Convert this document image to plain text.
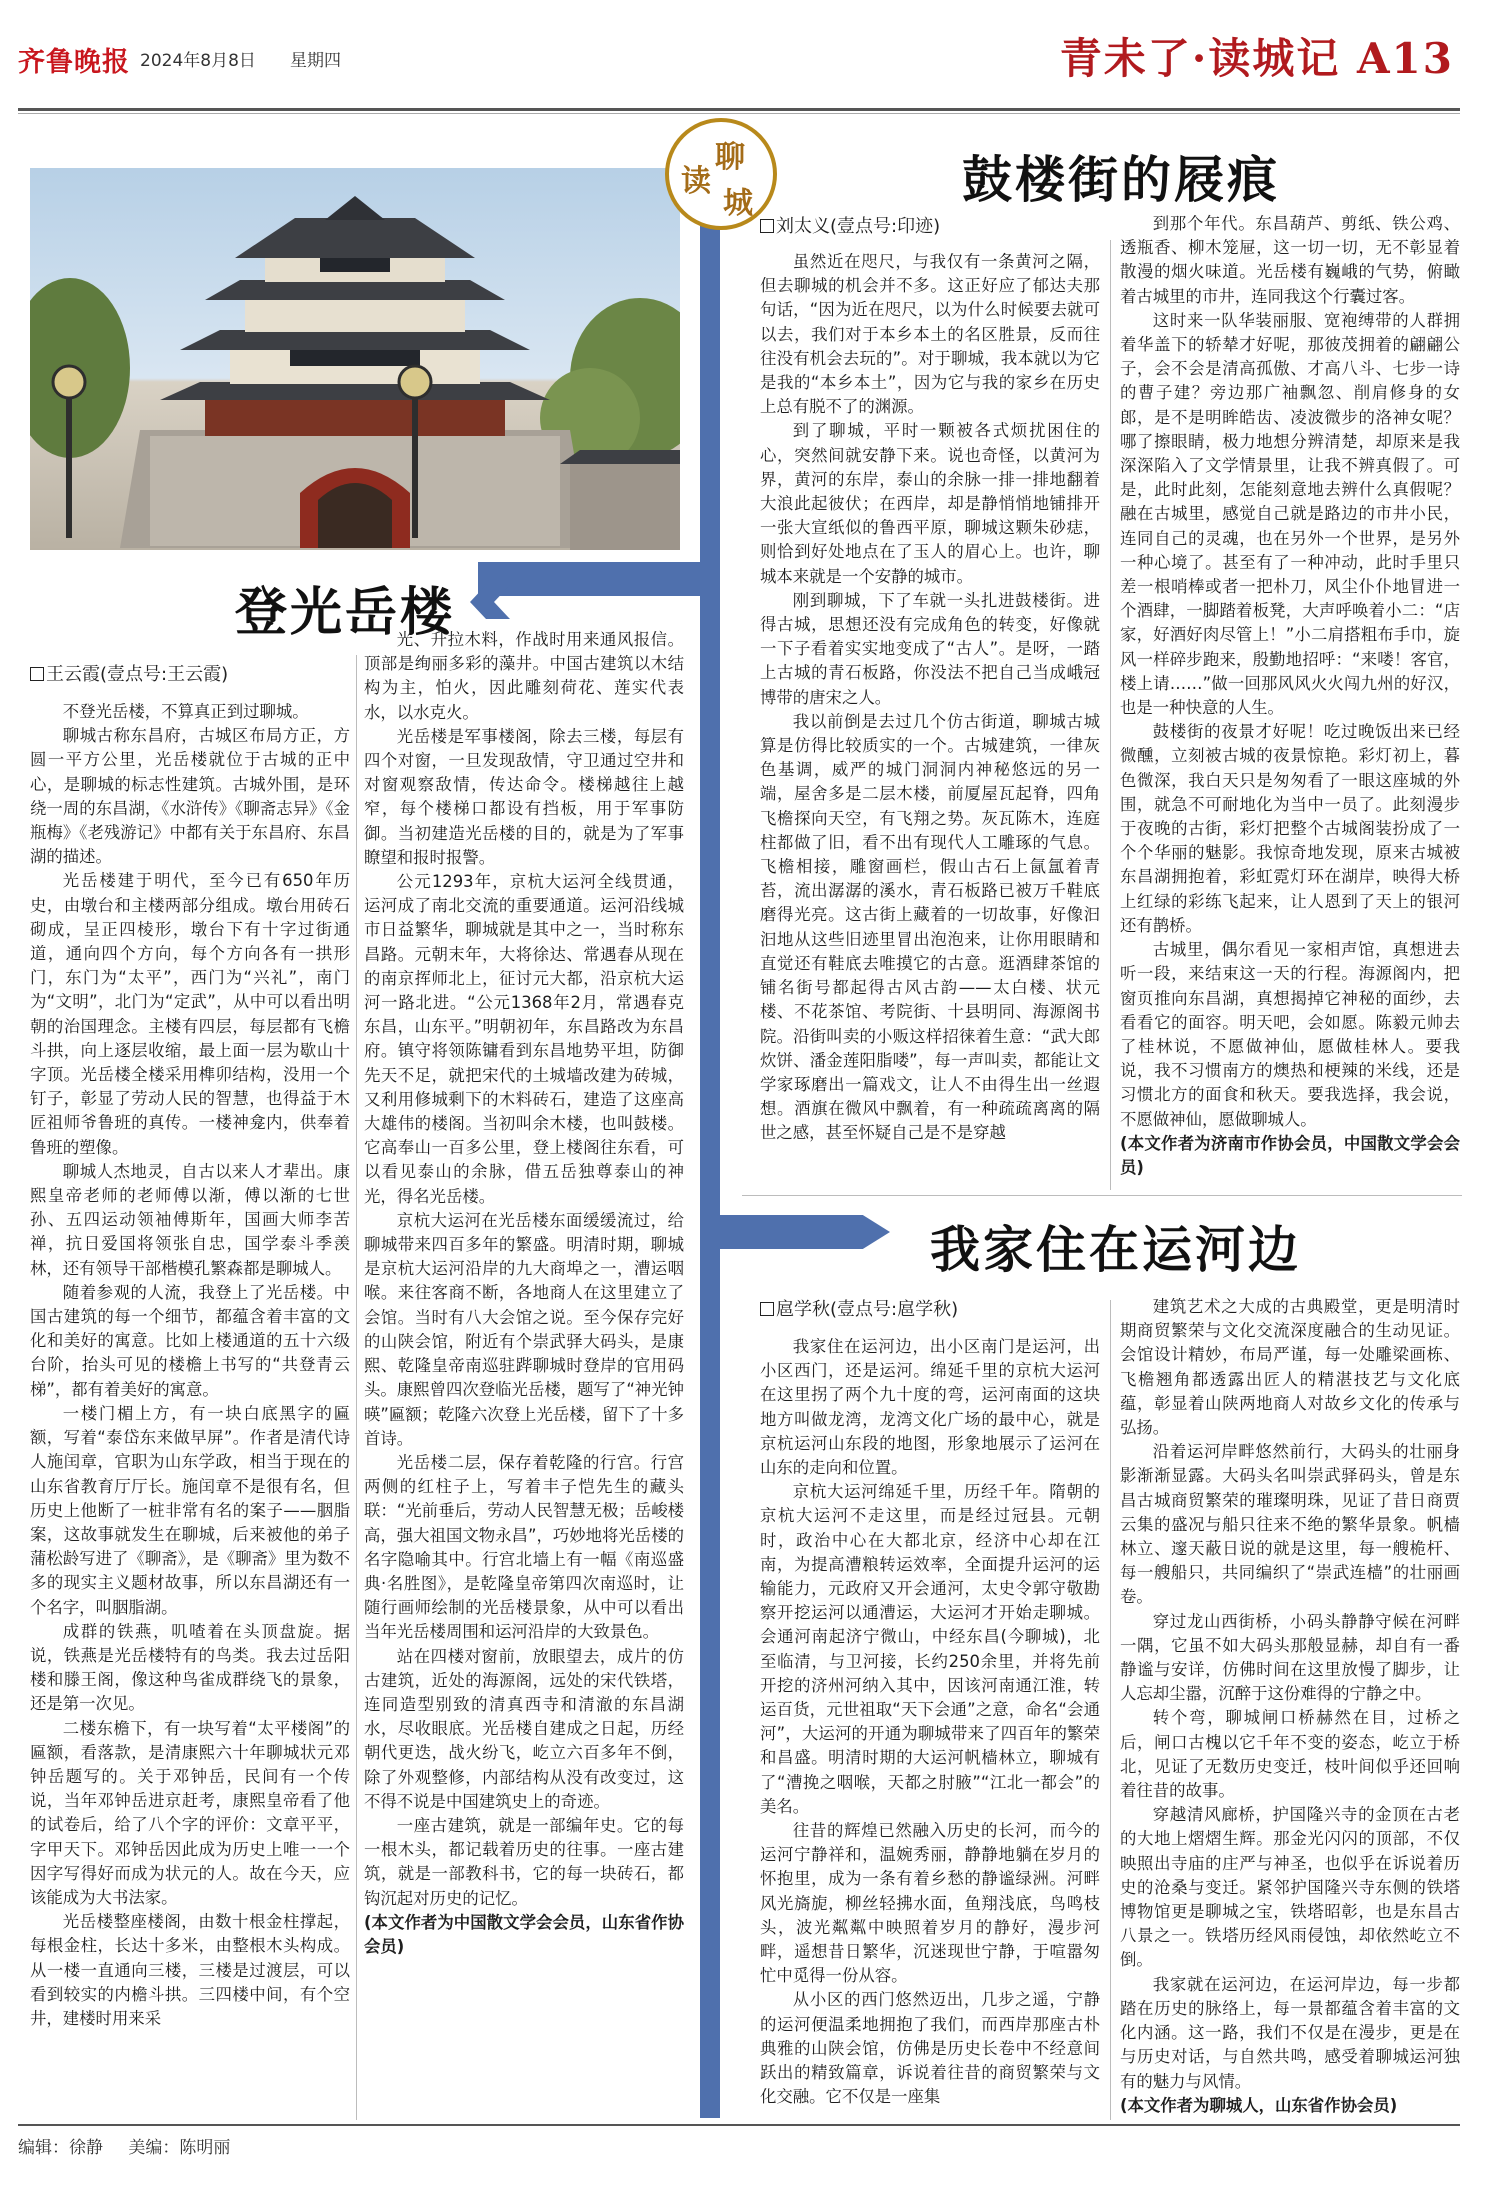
齐鲁晚报 2024年8月8日 星期四	青未了·读城记 A13
读
聊
城
登光岳楼
王云霞(壹点号:王云霞)

不登光岳楼，不算真正到过聊城。

聊城古称东昌府，古城区布局方正，方圆一平方公里，光岳楼就位于古城的正中心，是聊城的标志性建筑。古城外围，是环绕一周的东昌湖，《水浒传》《聊斋志异》《金瓶梅》《老残游记》中都有关于东昌府、东昌湖的描述。

光岳楼建于明代，至今已有650年历史，由墩台和主楼两部分组成。墩台用砖石砌成，呈正四棱形，墩台下有十字过街通道，通向四个方向，每个方向各有一拱形门，东门为“太平”，西门为“兴礼”，南门为“文明”，北门为“定武”，从中可以看出明朝的治国理念。主楼有四层，每层都有飞檐斗拱，向上逐层收缩，最上面一层为歇山十字顶。光岳楼全楼采用榫卯结构，没用一个钉子，彰显了劳动人民的智慧，也得益于木匠祖师爷鲁班的真传。一楼神龛内，供奉着鲁班的塑像。

聊城人杰地灵，自古以来人才辈出。康熙皇帝老师的老师傅以渐，傅以渐的七世孙、五四运动领袖傅斯年，国画大师李苦禅，抗日爱国将领张自忠，国学泰斗季羡林，还有领导干部楷模孔繁森都是聊城人。

随着参观的人流，我登上了光岳楼。中国古建筑的每一个细节，都蕴含着丰富的文化和美好的寓意。比如上楼通道的五十六级台阶，抬头可见的楼檐上书写的“共登青云梯”，都有着美好的寓意。

一楼门楣上方，有一块白底黑字的匾额，写着“泰岱东来做早屏”。作者是清代诗人施闰章，官职为山东学政，相当于现在的山东省教育厅厅长。施闰章不是很有名，但历史上他断了一桩非常有名的案子——胭脂案，这故事就发生在聊城，后来被他的弟子蒲松龄写进了《聊斋》，是《聊斋》里为数不多的现实主义题材故事，所以东昌湖还有一个名字，叫胭脂湖。

成群的铁燕，叽喳着在头顶盘旋。据说，铁燕是光岳楼特有的鸟类。我去过岳阳楼和滕王阁，像这种鸟雀成群绕飞的景象，还是第一次见。

二楼东檐下，有一块写着“太平楼阁”的匾额，看落款，是清康熙六十年聊城状元邓钟岳题写的。关于邓钟岳，民间有一个传说，当年邓钟岳进京赶考，康熙皇帝看了他的试卷后，给了八个字的评价：文章平平，字甲天下。邓钟岳因此成为历史上唯一一个因字写得好而成为状元的人。故在今天，应该能成为大书法家。

光岳楼整座楼阁，由数十根金柱撑起，每根金柱，长达十多米，由整根木头构成。从一楼一直通向三楼，三楼是过渡层，可以看到较实的内檐斗拱。三四楼中间，有个空井，建楼时用来采

光、升拉木料，作战时用来通风报信。顶部是绚丽多彩的藻井。中国古建筑以木结构为主，怕火，因此雕刻荷花、莲实代表水，以水克火。

光岳楼是军事楼阁，除去三楼，每层有四个对窗，一旦发现敌情，守卫通过空井和对窗观察敌情，传达命令。楼梯越往上越窄，每个楼梯口都设有挡板，用于军事防御。当初建造光岳楼的目的，就是为了军事瞭望和报时报警。

公元1293年，京杭大运河全线贯通，运河成了南北交流的重要通道。运河沿线城市日益繁华，聊城就是其中之一，当时称东昌路。元朝末年，大将徐达、常遇春从现在的南京挥师北上，征讨元大都，沿京杭大运河一路北进。“公元1368年2月，常遇春克东昌，山东平。”明朝初年，东昌路改为东昌府。镇守将领陈镛看到东昌地势平坦，防御先天不足，就把宋代的土城墙改建为砖城，又利用修城剩下的木料砖石，建造了这座高大雄伟的楼阁。当初叫余木楼，也叫鼓楼。它高奉山一百多公里，登上楼阁往东看，可以看见泰山的余脉，借五岳独尊泰山的神光，得名光岳楼。

京杭大运河在光岳楼东面缓缓流过，给聊城带来四百多年的繁盛。明清时期，聊城是京杭大运河沿岸的九大商埠之一，漕运咽喉。来往客商不断，各地商人在这里建立了会馆。当时有八大会馆之说。至今保存完好的山陕会馆，附近有个崇武驿大码头，是康熙、乾隆皇帝南巡驻跸聊城时登岸的官用码头。康熙曾四次登临光岳楼，题写了“神光钟暎”匾额；乾隆六次登上光岳楼，留下了十多首诗。

光岳楼二层，保存着乾隆的行宫。行宫两侧的红柱子上，写着丰子恺先生的藏头联：“光前垂后，劳动人民智慧无极；岳峻楼高，强大祖国文物永昌”，巧妙地将光岳楼的名字隐喻其中。行宫北墙上有一幅《南巡盛典·名胜图》，是乾隆皇帝第四次南巡时，让随行画师绘制的光岳楼景象，从中可以看出当年光岳楼周围和运河沿岸的大致景色。

站在四楼对窗前，放眼望去，成片的仿古建筑，近处的海源阁，远处的宋代铁塔，连同造型别致的清真西寺和清澈的东昌湖水，尽收眼底。光岳楼自建成之日起，历经朝代更迭，战火纷飞，屹立六百多年不倒，除了外观整修，内部结构从没有改变过，这不得不说是中国建筑史上的奇迹。

一座古建筑，就是一部编年史。它的每一根木头，都记载着历史的往事。一座古建筑，就是一部教科书，它的每一块砖石，都钩沉起对历史的记忆。

(本文作者为中国散文学会会员，山东省作协会员)

鼓楼街的屐痕
刘太义(壹点号:印迹)

虽然近在咫尺，与我仅有一条黄河之隔，但去聊城的机会并不多。这正好应了郁达夫那句话，“因为近在咫尺，以为什么时候要去就可以去，我们对于本乡本土的名区胜景，反而往往没有机会去玩的”。对于聊城，我本就以为它是我的“本乡本土”，因为它与我的家乡在历史上总有脱不了的渊源。

到了聊城，平时一颗被各式烦扰困住的心，突然间就安静下来。说也奇怪，以黄河为界，黄河的东岸，泰山的余脉一排一排地翻着大浪此起彼伏；在西岸，却是静悄悄地铺排开一张大宣纸似的鲁西平原，聊城这颗朱砂痣，则恰到好处地点在了玉人的眉心上。也许，聊城本来就是一个安静的城市。

刚到聊城，下了车就一头扎进鼓楼街。进得古城，思想还没有完成角色的转变，好像就一下子看着实实地变成了“古人”。是呀，一踏上古城的青石板路，你没法不把自己当成峨冠博带的唐宋之人。

我以前倒是去过几个仿古街道，聊城古城算是仿得比较质实的一个。古城建筑，一律灰色基调，威严的城门洞洞内神秘悠远的另一端，屋舍多是二层木楼，前厦屋瓦起脊，四角飞檐探向天空，有飞翔之势。灰瓦陈木，连庭柱都做了旧，看不出有现代人工雕琢的气息。飞檐相接，雕窗画栏，假山古石上氤氲着青苔，流出潺潺的溪水，青石板路已被万千鞋底磨得光亮。这古街上藏着的一切故事，好像汩汩地从这些旧迹里冒出泡泡来，让你用眼睛和直觉还有鞋底去唯摸它的古意。逛酒肆茶馆的铺名街号都起得古风古韵——太白楼、状元楼、不花茶馆、考院街、十县明同、海源阁书院。沿街叫卖的小贩这样招徕着生意：“武大郎炊饼、潘金莲阳脂喽”，每一声叫卖，都能让文学家琢磨出一篇戏文，让人不由得生出一丝遐想。酒旗在微风中飘着，有一种疏疏离离的隔世之感，甚至怀疑自己是不是穿越

到那个年代。东昌葫芦、剪纸、铁公鸡、透瓶香、柳木笼屉，这一切一切，无不彰显着散漫的烟火味道。光岳楼有巍峨的气势，俯瞰着古城里的市井，连同我这个行囊过客。

这时来一队华装丽服、宽袍缚带的人群拥着华盖下的轿辇才好呢，那彼茂拥着的翩翩公子，会不会是清高孤傲、才高八斗、七步一诗的曹子建？旁边那广袖飘忽、削肩修身的女郎，是不是明眸皓齿、凌波微步的洛神女呢？哪了擦眼睛，极力地想分辨清楚，却原来是我深深陷入了文学情景里，让我不辨真假了。可是，此时此刻，怎能刻意地去辨什么真假呢？融在古城里，感觉自己就是路边的市井小民，连同自己的灵魂，也在另外一个世界，是另外一种心境了。甚至有了一种冲动，此时手里只差一根哨棒或者一把朴刀，风尘仆仆地冒进一个酒肆，一脚踏着板凳，大声呼唤着小二：“店家，好酒好肉尽管上！”小二肩搭粗布手巾，旋风一样碎步跑来，殷勤地招呼：“来喽！客官，楼上请……”做一回那风风火火闯九州的好汉，也是一种快意的人生。

鼓楼街的夜景才好呢！吃过晚饭出来已经微醺，立刻被古城的夜景惊艳。彩灯初上，暮色微深，我白天只是匆匆看了一眼这座城的外围，就急不可耐地化为当中一员了。此刻漫步于夜晚的古街，彩灯把整个古城阁装扮成了一个个华丽的魅影。我惊奇地发现，原来古城被东昌湖拥抱着，彩虹霓灯环在湖岸，映得大桥上红绿的彩练飞起来，让人恩到了天上的银河还有鹊桥。

古城里，偶尔看见一家相声馆，真想进去听一段，来结束这一天的行程。海源阁内，把窗页推向东昌湖，真想揭掉它神秘的面纱，去看看它的面容。明天吧，会如愿。陈毅元帅去了桂林说，不愿做神仙，愿做桂林人。要我说，我不习惯南方的燠热和梗辣的米线，还是习惯北方的面食和秋天。要我选择，我会说，不愿做神仙，愿做聊城人。

(本文作者为济南市作协会员，中国散文学会会员)

我家住在运河边
扈学秋(壹点号:扈学秋)

我家住在运河边，出小区南门是运河，出小区西门，还是运河。绵延千里的京杭大运河在这里拐了两个九十度的弯，运河南面的这块地方叫做龙湾，龙湾文化广场的最中心，就是京杭运河山东段的地图，形象地展示了运河在山东的走向和位置。

京杭大运河绵延千里，历经千年。隋朝的京杭大运河不走这里，而是经过冠县。元朝时，政治中心在大都北京，经济中心却在江南，为提高漕粮转运效率，全面提升运河的运输能力，元政府又开会通河，太史令郭守敬勘察开挖运河以通漕运，大运河才开始走聊城。会通河南起济宁微山，中经东昌(今聊城)，北至临清，与卫河接，长约250余里，并将先前开挖的济州河纳入其中，因该河南通江淮，转运百货，元世祖取“天下会通”之意，命名“会通河”，大运河的开通为聊城带来了四百年的繁荣和昌盛。明清时期的大运河帆樯林立，聊城有了“漕挽之咽喉，天都之肘腋”“江北一都会”的美名。

往昔的辉煌已然融入历史的长河，而今的运河宁静祥和，温婉秀丽，静静地躺在岁月的怀抱里，成为一条有着乡愁的静谧绿洲。河畔风光旖旎，柳丝轻拂水面，鱼翔浅底，鸟鸣枝头，波光粼粼中映照着岁月的静好，漫步河畔，遥想昔日繁华，沉迷现世宁静，于喧嚣匆忙中觅得一份从容。

从小区的西门悠然迈出，几步之遥，宁静的运河便温柔地拥抱了我们，而西岸那座古朴典雅的山陕会馆，仿佛是历史长卷中不经意间跃出的精致篇章，诉说着往昔的商贸繁荣与文化交融。它不仅是一座集

建筑艺术之大成的古典殿堂，更是明清时期商贸繁荣与文化交流深度融合的生动见证。会馆设计精妙，布局严谨，每一处雕梁画栋、飞檐翘角都透露出匠人的精湛技艺与文化底蕴，彰显着山陕两地商人对故乡文化的传承与弘扬。

沿着运河岸畔悠然前行，大码头的壮丽身影渐渐显露。大码头名叫崇武驿码头，曾是东昌古城商贸繁荣的璀璨明珠，见证了昔日商贾云集的盛况与船只往来不绝的繁华景象。帆樯林立、邃天蔽日说的就是这里，每一艘桅杆、每一艘船只，共同编织了“崇武连樯”的壮丽画卷。

穿过龙山西街桥，小码头静静守候在河畔一隅，它虽不如大码头那般显赫，却自有一番静谧与安详，仿佛时间在这里放慢了脚步，让人忘却尘嚣，沉醉于这份难得的宁静之中。

转个弯，聊城闸口桥赫然在目，过桥之后，闸口古槐以它千年不变的姿态，屹立于桥北，见证了无数历史变迁，枝叶间似乎还回响着往昔的故事。

穿越清风廊桥，护国隆兴寺的金顶在古老的大地上熠熠生辉。那金光闪闪的顶部，不仅映照出寺庙的庄严与神圣，也似乎在诉说着历史的沧桑与变迁。紧邻护国隆兴寺东侧的铁塔博物馆更是聊城之宝，铁塔昭彰，也是东昌古八景之一。铁塔历经风雨侵蚀，却依然屹立不倒。

我家就在运河边，在运河岸边，每一步都踏在历史的脉络上，每一景都蕴含着丰富的文化内涵。这一路，我们不仅是在漫步，更是在与历史对话，与自然共鸣，感受着聊城运河独有的魅力与风情。

(本文作者为聊城人，山东省作协会员)

编辑：徐静 美编：陈明丽
